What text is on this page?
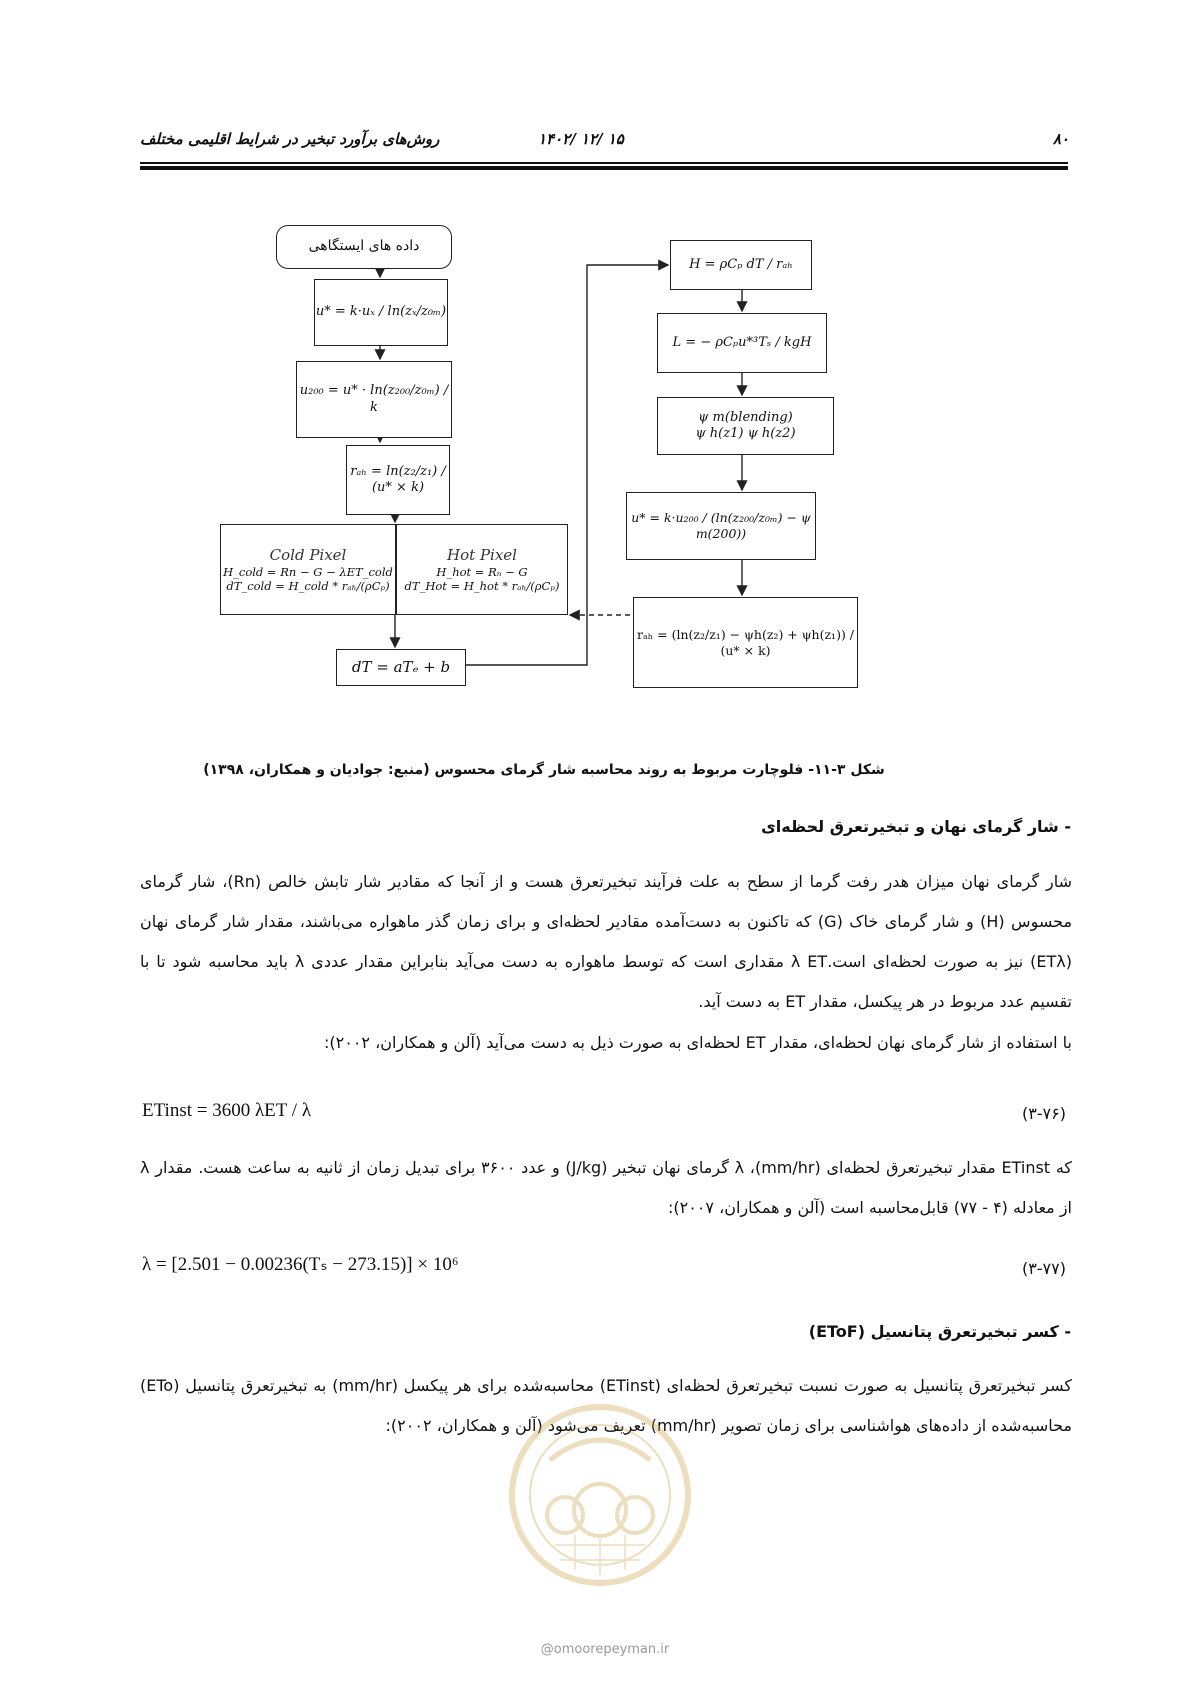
۸۰
۱۴۰۲/ ۱۲/ ۱۵
روش‌های برآورد تبخیر در شرایط اقلیمی مختلف
داده های ایستگاهی
u* = k·uₓ / ln(zₓ/z₀ₘ)
u₂₀₀ = u* · ln(z₂₀₀/z₀ₘ) / k
rₐₕ = ln(z₂/z₁) / (u* × k)
Cold Pixel
H_cold = Rn − G − λET_cold
dT_cold = H_cold * rₐₕ/(ρCₚ)
Hot Pixel
H_hot = Rₙ − G
dT_Hot = H_hot * rₐₕ/(ρCₚ)
dT = aTₑ + b
H = ρCₚ dT / rₐₕ
L = − ρCₚu*³Tₛ / kgH
ψ m(blending)
ψ h(z1) ψ h(z2)
u* = k·u₂₀₀ / (ln(z₂₀₀/z₀ₘ) − ψ m(200))
rₐₕ = (ln(z₂/z₁) − ψh(z₂) + ψh(z₁)) / (u* × k)
شکل ۳-۱۱- فلوچارت مربوط به روند محاسبه شار گرمای محسوس (منبع: جوادیان و همکاران، ۱۳۹۸)
- شار گرمای نهان و تبخیرتعرق لحظه‌ای
شار گرمای نهان میزان هدر رفت گرما از سطح به علت فرآیند تبخیرتعرق هست و از آنجا که مقادیر شار تابش خالص (Rn)، شار گرمای محسوس (H) و شار گرمای خاک (G) که تاکنون به دست‌آمده مقادیر لحظه‌ای و برای زمان گذر ماهواره می‌باشند، مقدار شار گرمای نهان (ETλ) نیز به صورت لحظه‌ای است.λ ET مقداری است که توسط ماهواره به دست می‌آید بنابراین مقدار عددی λ باید محاسبه شود تا با تقسیم عدد مربوط در هر پیکسل، مقدار ET به دست آید.
با استفاده از شار گرمای نهان لحظه‌ای، مقدار ET لحظه‌ای به صورت ذیل به دست می‌آید (آلن و همکاران، ۲۰۰۲):
ETinst = 3600 λET / λ	(۳-۷۶)
که ETinst مقدار تبخیرتعرق لحظه‌ای (mm/hr)، λ گرمای نهان تبخیر (J/kg) و عدد ۳۶۰۰ برای تبدیل زمان از ثانیه به ساعت هست. مقدار λ از معادله (۴ - ۷۷) قابل‌محاسبه است (آلن و همکاران، ۲۰۰۷):
λ = [2.501 − 0.00236(Tₛ − 273.15)] × 10⁶	(۳-۷۷)
- کسر تبخیرتعرق پتانسیل (EToF)
کسر تبخیرتعرق پتانسیل به صورت نسبت تبخیرتعرق لحظه‌ای (ETinst) محاسبه‌شده برای هر پیکسل (mm/hr) به تبخیرتعرق پتانسیل (ETo) محاسبه‌شده از داده‌های هواشناسی برای زمان تصویر (mm/hr) تعریف می‌شود (آلن و همکاران، ۲۰۰۲):
@omoorepeyman.ir
